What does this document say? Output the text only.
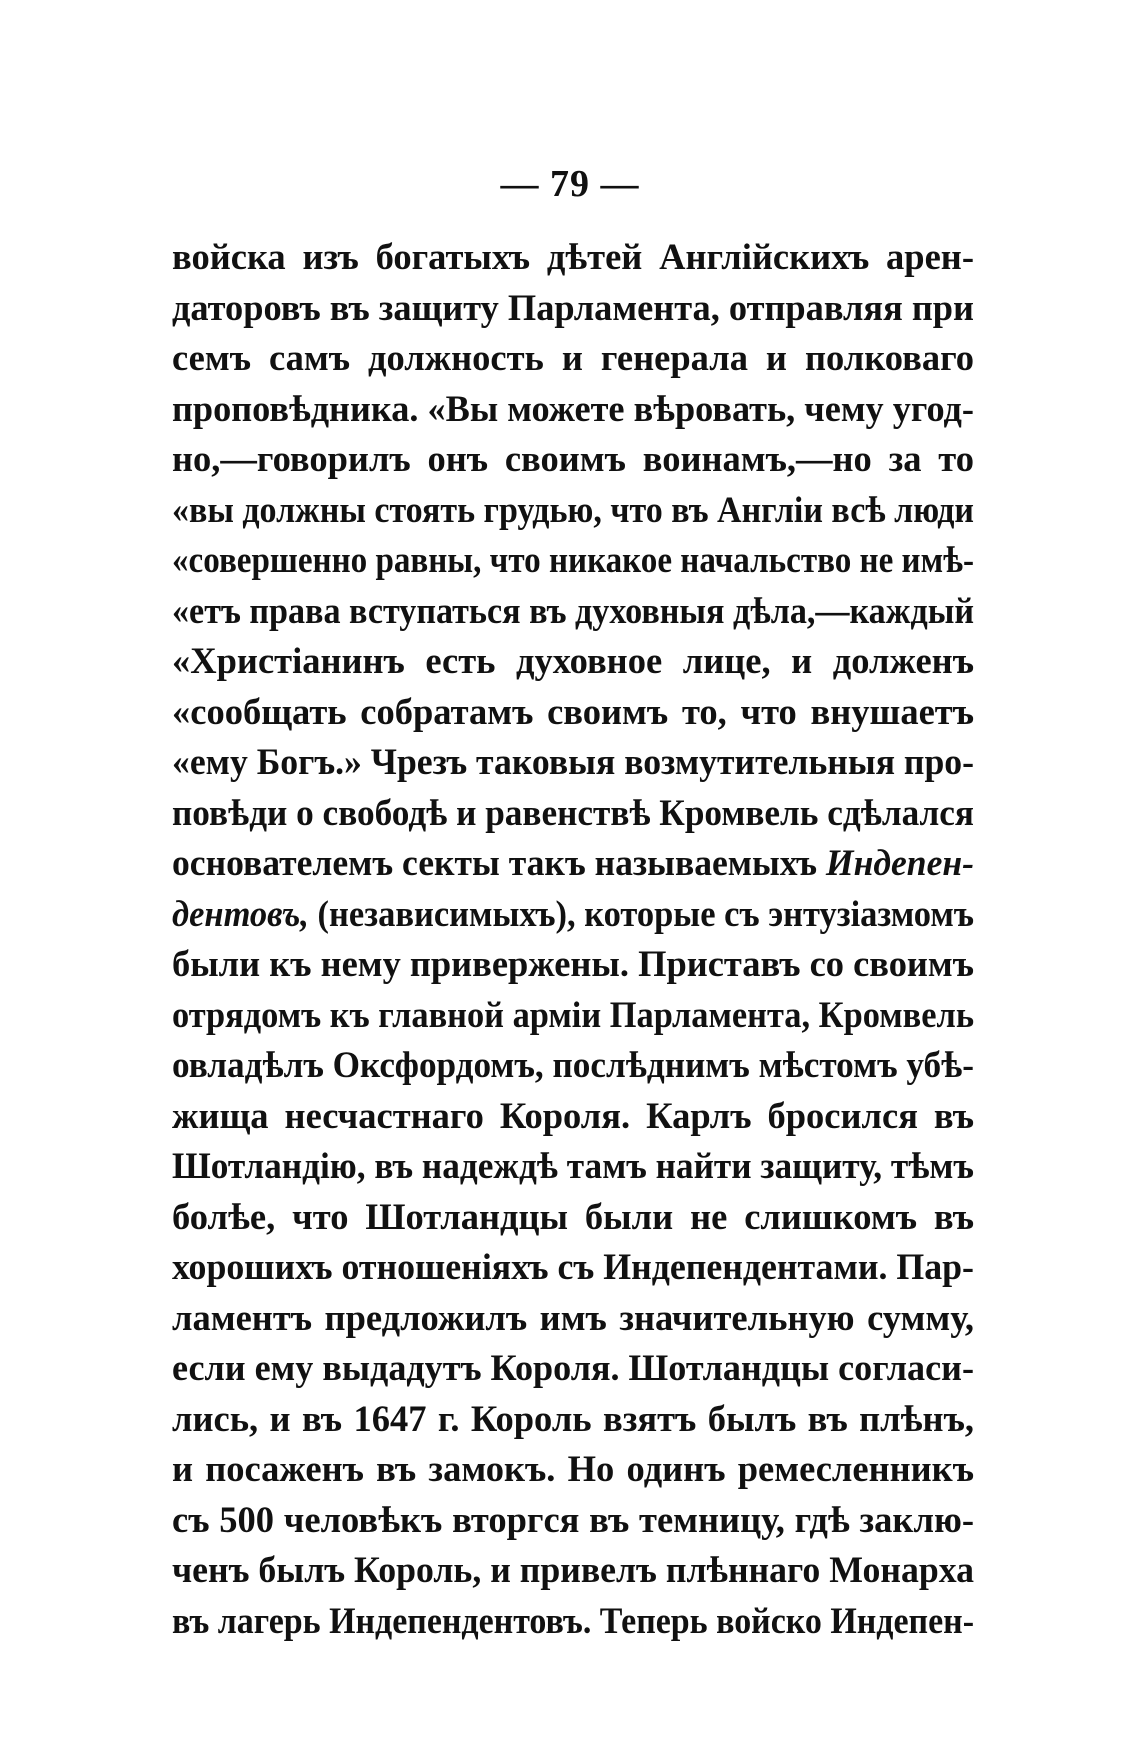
— 79 —
войска изъ богатыхъ дѣтей Англійскихъ арен-
даторовъ въ защиту Парламента, отправляя при
семъ самъ должность и генерала и полковаго
проповѣдника. «Вы можете вѣровать, чему угод-
но,—говорилъ онъ своимъ воинамъ,—но за то
«вы должны стоять грудью, что въ Англіи всѣ люди
«совершенно равны, что никакое начальство не имѣ-
«етъ права вступаться въ духовныя дѣла,—каждый
«Христіанинъ есть духовное лице, и долженъ
«сообщать собратамъ своимъ то, что внушаетъ
«ему Богъ.» Чрезъ таковыя возмутительныя про-
повѣди о свободѣ и равенствѣ Кромвель сдѣлался
основателемъ секты такъ называемыхъ Индепен-
дентовъ, (независимыхъ), которые съ энтузіазмомъ
были къ нему привержены. Приставъ со своимъ
отрядомъ къ главной арміи Парламента, Кромвель
овладѣлъ Оксфордомъ, послѣднимъ мѣстомъ убѣ-
жища несчастнаго Короля. Карлъ бросился въ
Шотландію, въ надеждѣ тамъ найти защиту, тѣмъ
болѣе, что Шотландцы были не слишкомъ въ
хорошихъ отношеніяхъ съ Индепендентами. Пар-
ламентъ предложилъ имъ значительную сумму,
если ему выдадутъ Короля. Шотландцы согласи-
лись, и въ 1647 г. Король взятъ былъ въ плѣнъ,
и посаженъ въ замокъ. Но одинъ ремесленникъ
съ 500 человѣкъ вторгся въ темницу, гдѣ заклю-
ченъ былъ Король, и привелъ плѣннаго Монарха
въ лагерь Индепендентовъ. Теперь войско Индепен-
